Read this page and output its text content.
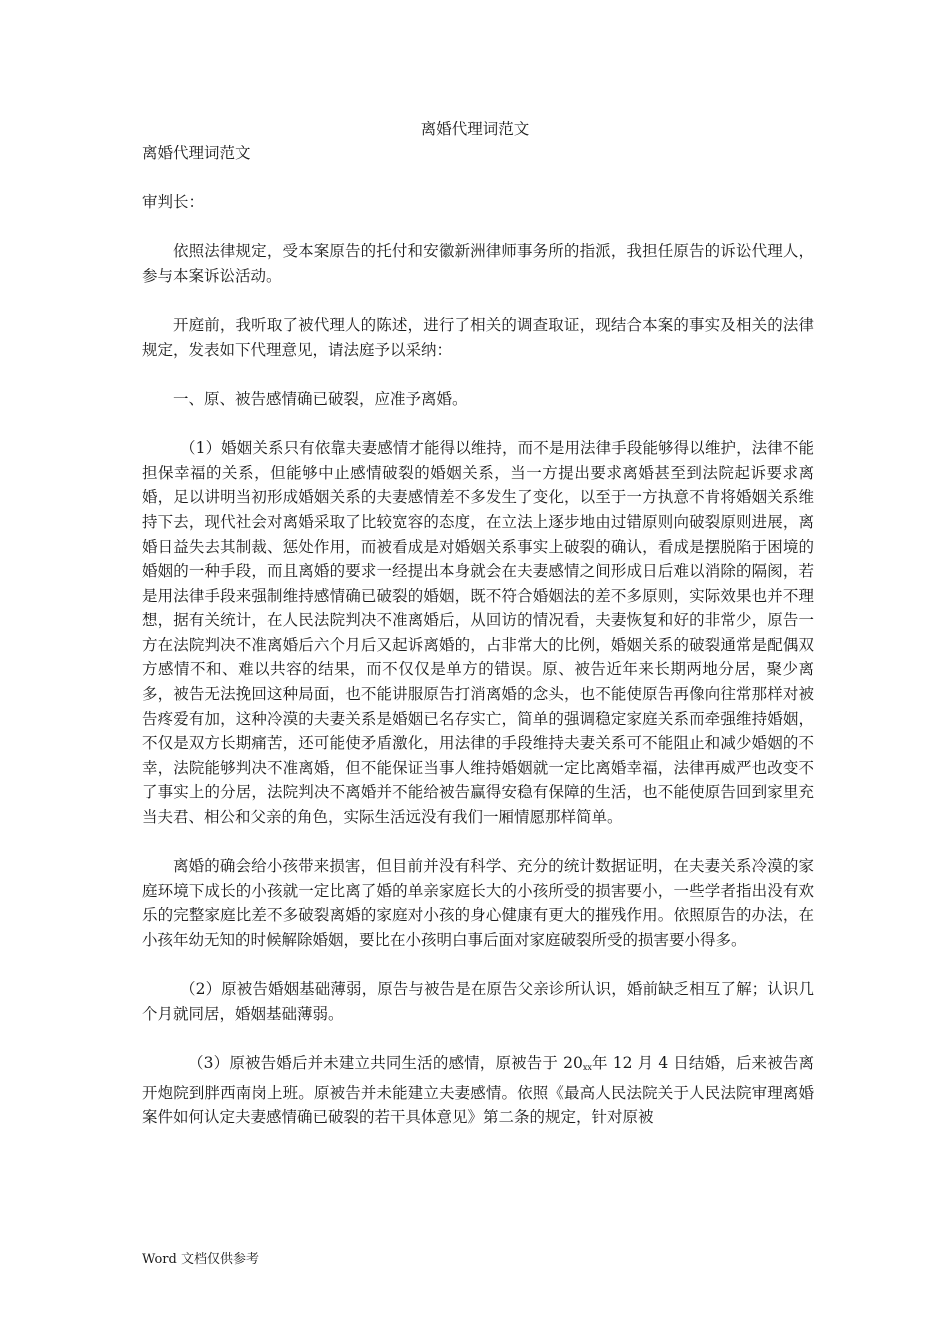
离婚代理词范文

离婚代理词范文

审判长：

依照法律规定，受本案原告的托付和安徽新洲律师事务所的指派，我担任原告的诉讼代理人，参与本案诉讼活动。

开庭前，我听取了被代理人的陈述，进行了相关的调查取证，现结合本案的事实及相关的法律规定，发表如下代理意见，请法庭予以采纳：

一、原、被告感情确已破裂，应准予离婚。

（1）婚姻关系只有依靠夫妻感情才能得以维持，而不是用法律手段能够得以维护，法律不能担保幸福的关系，但能够中止感情破裂的婚姻关系，当一方提出要求离婚甚至到法院起诉要求离婚，足以讲明当初形成婚姻关系的夫妻感情差不多发生了变化，以至于一方执意不肯将婚姻关系维持下去，现代社会对离婚采取了比较宽容的态度，在立法上逐步地由过错原则向破裂原则进展，离婚日益失去其制裁、惩处作用，而被看成是对婚姻关系事实上破裂的确认，看成是摆脱陷于困境的婚姻的一种手段，而且离婚的要求一经提出本身就会在夫妻感情之间形成日后难以消除的隔阂，若是用法律手段来强制维持感情确已破裂的婚姻，既不符合婚姻法的差不多原则，实际效果也并不理想，据有关统计，在人民法院判决不准离婚后，从回访的情况看，夫妻恢复和好的非常少，原告一方在法院判决不准离婚后六个月后又起诉离婚的，占非常大的比例，婚姻关系的破裂通常是配偶双方感情不和、难以共容的结果，而不仅仅是单方的错误。原、被告近年来长期两地分居，聚少离多，被告无法挽回这种局面，也不能讲服原告打消离婚的念头，也不能使原告再像向往常那样对被告疼爱有加，这种冷漠的夫妻关系是婚姻已名存实亡，简单的强调稳定家庭关系而牵强维持婚姻，不仅是双方长期痛苦，还可能使矛盾激化，用法律的手段维持夫妻关系可不能阻止和减少婚姻的不幸，法院能够判决不准离婚，但不能保证当事人维持婚姻就一定比离婚幸福，法律再威严也改变不了事实上的分居，法院判决不离婚并不能给被告赢得安稳有保障的生活，也不能使原告回到家里充当夫君、相公和父亲的角色，实际生活远没有我们一厢情愿那样简单。

离婚的确会给小孩带来损害，但目前并没有科学、充分的统计数据证明，在夫妻关系冷漠的家庭环境下成长的小孩就一定比离了婚的单亲家庭长大的小孩所受的损害要小，一些学者指出没有欢乐的完整家庭比差不多破裂离婚的家庭对小孩的身心健康有更大的摧残作用。依照原告的办法，在小孩年幼无知的时候解除婚姻，要比在小孩明白事后面对家庭破裂所受的损害要小得多。

（2）原被告婚姻基础薄弱，原告与被告是在原告父亲诊所认识，婚前缺乏相互了解；认识几个月就同居，婚姻基础薄弱。

（3）原被告婚后并未建立共同生活的感情，原被告于 $20_{xx}$年 12 月 4 日结婚，后来被告离开炮院到胖西南岗上班。原被告并未能建立夫妻感情。依照《最高人民法院关于人民法院审理离婚案件如何认定夫妻感情确已破裂的若干具体意见》第二条的规定，针对原被

Word 文档仅供参考
